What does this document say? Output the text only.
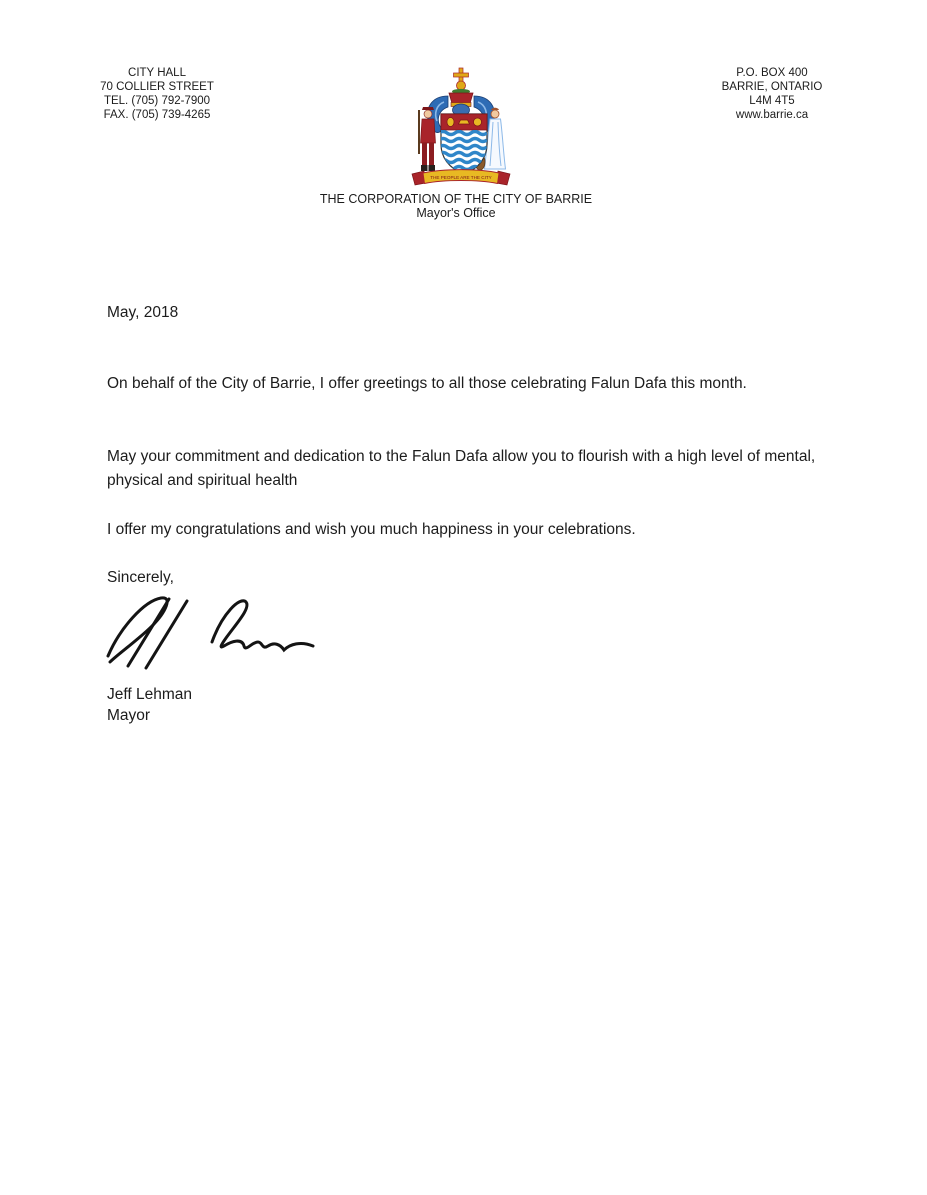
CITY HALL
70 COLLIER STREET
TEL. (705) 792-7900
FAX. (705) 739-4265
P.O. BOX 400
BARRIE, ONTARIO
L4M 4T5
www.barrie.ca
THE PEOPLE ARE THE CITY
THE CORPORATION OF THE CITY OF BARRIE
Mayor's Office
May, 2018

On behalf of the City of Barrie, I offer greetings to all those celebrating Falun Dafa this month.

May your commitment and dedication to the Falun Dafa allow you to flourish with a high level of mental, physical and spiritual health

I offer my congratulations and wish you much happiness in your celebrations.

Sincerely,
Jeff Lehman
Mayor
